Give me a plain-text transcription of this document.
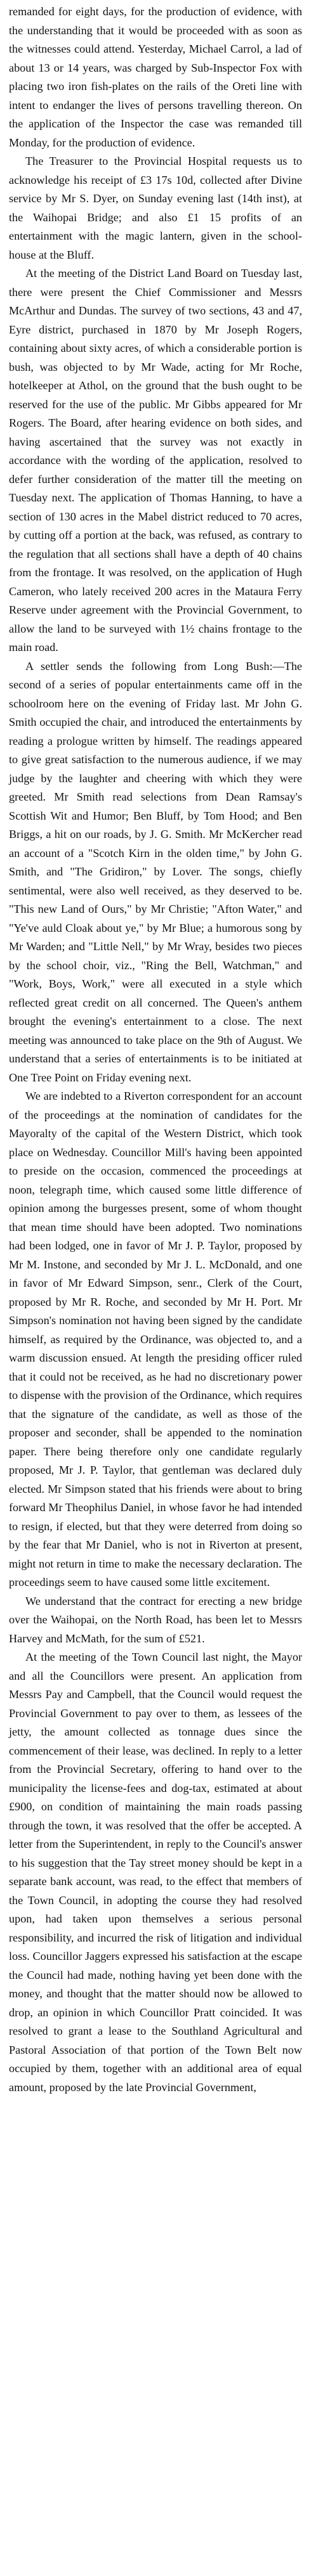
remanded for eight days, for the production of evidence, with the understanding that it would be proceeded with as soon as the witnesses could attend. Yesterday, Michael Carrol, a lad of about 13 or 14 years, was charged by Sub-Inspector Fox with placing two iron fish-plates on the rails of the Oreti line with intent to endanger the lives of persons travelling thereon. On the application of the Inspector the case was remanded till Monday, for the production of evidence.

The Treasurer to the Provincial Hospital requests us to acknowledge his receipt of £3 17s 10d, collected after Divine service by Mr S. Dyer, on Sunday evening last (14th inst), at the Waihopai Bridge; and also £1 15 profits of an entertainment with the magic lantern, given in the school-house at the Bluff.

At the meeting of the District Land Board on Tuesday last, there were present the Chief Commissioner and Messrs McArthur and Dundas. The survey of two sections, 43 and 47, Eyre district, purchased in 1870 by Mr Joseph Rogers, containing about sixty acres, of which a considerable portion is bush, was objected to by Mr Wade, acting for Mr Roche, hotelkeeper at Athol, on the ground that the bush ought to be reserved for the use of the public. Mr Gibbs appeared for Mr Rogers. The Board, after hearing evidence on both sides, and having ascertained that the survey was not exactly in accordance with the wording of the application, resolved to defer further consideration of the matter till the meeting on Tuesday next. The application of Thomas Hanning, to have a section of 130 acres in the Mabel district reduced to 70 acres, by cutting off a portion at the back, was refused, as contrary to the regulation that all sections shall have a depth of 40 chains from the frontage. It was resolved, on the application of Hugh Cameron, who lately received 200 acres in the Mataura Ferry Reserve under agreement with the Provincial Government, to allow the land to be surveyed with 1½ chains frontage to the main road.

A settler sends the following from Long Bush:—The second of a series of popular entertainments came off in the schoolroom here on the evening of Friday last. Mr John G. Smith occupied the chair, and introduced the entertainments by reading a prologue written by himself. The readings appeared to give great satisfaction to the numerous audience, if we may judge by the laughter and cheering with which they were greeted. Mr Smith read selections from Dean Ramsay's Scottish Wit and Humor; Ben Bluff, by Tom Hood; and Ben Briggs, a hit on our roads, by J. G. Smith. Mr McKercher read an account of a "Scotch Kirn in the olden time," by John G. Smith, and "The Gridiron," by Lover. The songs, chiefly sentimental, were also well received, as they deserved to be. "This new Land of Ours," by Mr Christie; "Afton Water," and "Ye've auld Cloak about ye," by Mr Blue; a humorous song by Mr Warden; and "Little Nell," by Mr Wray, besides two pieces by the school choir, viz., "Ring the Bell, Watchman," and "Work, Boys, Work," were all executed in a style which reflected great credit on all concerned. The Queen's anthem brought the evening's entertainment to a close. The next meeting was announced to take place on the 9th of August. We understand that a series of entertainments is to be initiated at One Tree Point on Friday evening next.

We are indebted to a Riverton correspondent for an account of the proceedings at the nomination of candidates for the Mayoralty of the capital of the Western District, which took place on Wednesday. Councillor Mill's having been appointed to preside on the occasion, commenced the proceedings at noon, telegraph time, which caused some little difference of opinion among the burgesses present, some of whom thought that mean time should have been adopted. Two nominations had been lodged, one in favor of Mr J. P. Taylor, proposed by Mr M. Instone, and seconded by Mr J. L. McDonald, and one in favor of Mr Edward Simpson, senr., Clerk of the Court, proposed by Mr R. Roche, and seconded by Mr H. Port. Mr Simpson's nomination not having been signed by the candidate himself, as required by the Ordinance, was objected to, and a warm discussion ensued. At length the presiding officer ruled that it could not be received, as he had no discretionary power to dispense with the provision of the Ordinance, which requires that the signature of the candidate, as well as those of the proposer and seconder, shall be appended to the nomination paper. There being therefore only one candidate regularly proposed, Mr J. P. Taylor, that gentleman was declared duly elected. Mr Simpson stated that his friends were about to bring forward Mr Theophilus Daniel, in whose favor he had intended to resign, if elected, but that they were deterred from doing so by the fear that Mr Daniel, who is not in Riverton at present, might not return in time to make the necessary declaration. The proceedings seem to have caused some little excitement.

We understand that the contract for erecting a new bridge over the Waihopai, on the North Road, has been let to Messrs Harvey and McMath, for the sum of £521.

At the meeting of the Town Council last night, the Mayor and all the Councillors were present. An application from Messrs Pay and Campbell, that the Council would request the Provincial Government to pay over to them, as lessees of the jetty, the amount collected as tonnage dues since the commencement of their lease, was declined. In reply to a letter from the Provincial Secretary, offering to hand over to the municipality the license-fees and dog-tax, estimated at about £900, on condition of maintaining the main roads passing through the town, it was resolved that the offer be accepted. A letter from the Superintendent, in reply to the Council's answer to his suggestion that the Tay street money should be kept in a separate bank account, was read, to the effect that members of the Town Council, in adopting the course they had resolved upon, had taken upon themselves a serious personal responsibility, and incurred the risk of litigation and individual loss. Councillor Jaggers expressed his satisfaction at the escape the Council had made, nothing having yet been done with the money, and thought that the matter should now be allowed to drop, an opinion in which Councillor Pratt coincided. It was resolved to grant a lease to the Southland Agricultural and Pastoral Association of that portion of the Town Belt now occupied by them, together with an additional area of equal amount, proposed by the late Provincial Government,
